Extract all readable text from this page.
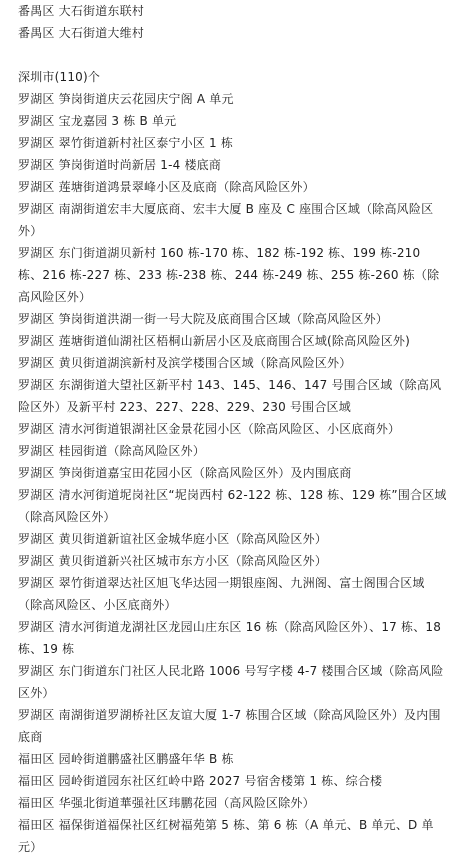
番禺区 大石街道东联村
番禺区 大石街道大维村
深圳市(110)个
罗湖区 笋岗街道庆云花园庆宁阁 A 单元
罗湖区 宝龙嘉园 3 栋 B 单元
罗湖区 翠竹街道新村社区泰宁小区 1 栋
罗湖区 笋岗街道时尚新居 1-4 楼底商
罗湖区 莲塘街道鸿景翠峰小区及底商（除高风险区外）
罗湖区 南湖街道宏丰大厦底商、宏丰大厦 B 座及 C 座围合区域（除高风险区外）
罗湖区 东门街道湖贝新村 160 栋-170 栋、182 栋-192 栋、199 栋-210 栋、216 栋-227 栋、233 栋-238 栋、244 栋-249 栋、255 栋-260 栋（除高风险区外）
罗湖区 笋岗街道洪湖一街一号大院及底商围合区域（除高风险区外）
罗湖区 莲塘街道仙湖社区梧桐山新居小区及底商围合区域(除高风险区外)
罗湖区 黄贝街道湖滨新村及滨学楼围合区域（除高风险区外）
罗湖区 东湖街道大望社区新平村 143、145、146、147 号围合区域（除高风险区外）及新平村 223、227、228、229、230 号围合区域
罗湖区 清水河街道银湖社区金景花园小区（除高风险区、小区底商外）
罗湖区 桂园街道（除高风险区外）
罗湖区 笋岗街道嘉宝田花园小区（除高风险区外）及内围底商
罗湖区 清水河街道坭岗社区“坭岗西村 62-122 栋、128 栋、129 栋”围合区域（除高风险区外）
罗湖区 黄贝街道新谊社区金城华庭小区（除高风险区外）
罗湖区 黄贝街道新兴社区城市东方小区（除高风险区外）
罗湖区 翠竹街道翠达社区旭飞华达园一期银座阁、九洲阁、富士阁围合区域（除高风险区、小区底商外）
罗湖区 清水河街道龙湖社区龙园山庄东区 16 栋（除高风险区外）、17 栋、18 栋、19 栋
罗湖区 东门街道东门社区人民北路 1006 号写字楼 4-7 楼围合区域（除高风险区外）
罗湖区 南湖街道罗湖桥社区友谊大厦 1-7 栋围合区域（除高风险区外）及内围底商
福田区 园岭街道鹏盛社区鹏盛年华 B 栋
福田区 园岭街道园东社区红岭中路 2027 号宿舍楼第 1 栋、综合楼
福田区 华强北街道華强社区玮鹏花园（高风险区除外）
福田区 福保街道福保社区红树福苑第 5 栋、第 6 栋（A 单元、B 单元、D 单元）
